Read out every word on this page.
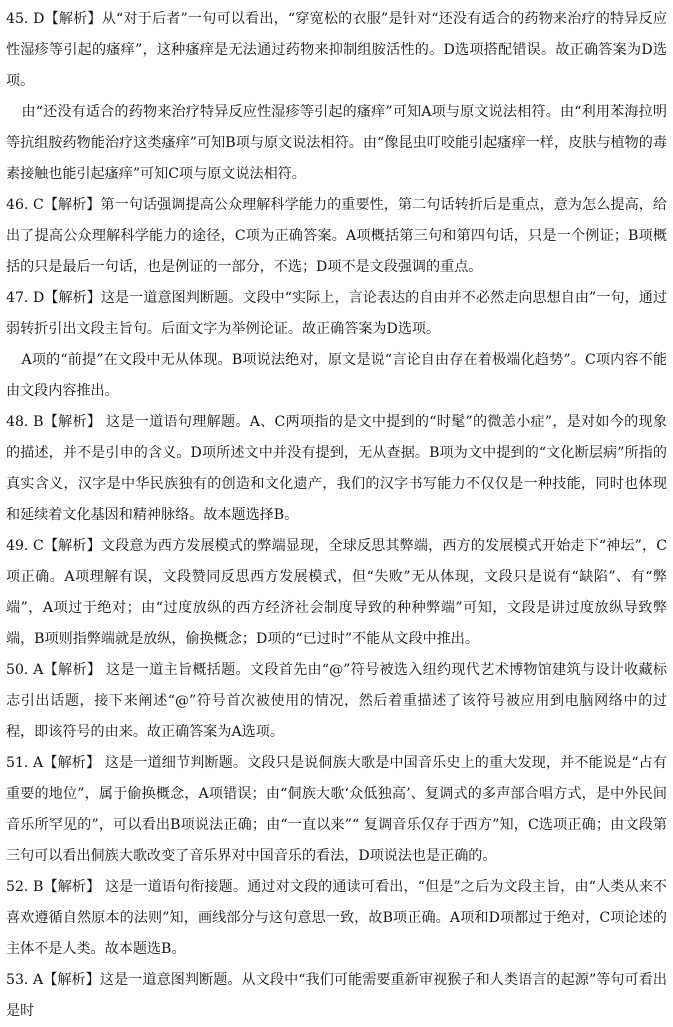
45. D【解析】从“对于后者”一句可以看出，“穿宽松的衣服”是针对“还没有适合的药物来治疗的特异反应性湿疹等引起的瘙痒”，这种瘙痒是无法通过药物来抑制组胺活性的。D选项搭配错误。故正确答案为D选项。

由“还没有适合的药物来治疗特异反应性湿疹等引起的瘙痒”可知A项与原文说法相符。由“利用苯海拉明等抗组胺药物能治疗这类瘙痒”可知B项与原文说法相符。由“像昆虫叮咬能引起瘙痒一样，皮肤与植物的毒素接触也能引起瘙痒”可知C项与原文说法相符。

46. C【解析】第一句话强调提高公众理解科学能力的重要性，第二句话转折后是重点，意为怎么提高，给出了提高公众理解科学能力的途径，C项为正确答案。A项概括第三句和第四句话，只是一个例证；B项概括的只是最后一句话，也是例证的一部分，不选；D项不是文段强调的重点。

47. D【解析】这是一道意图判断题。文段中“实际上，言论表达的自由并不必然走向思想自由”一句，通过弱转折引出文段主旨句。后面文字为举例论证。故正确答案为D选项。

A项的“前提”在文段中无从体现。B项说法绝对，原文是说“言论自由存在着极端化趋势”。C项内容不能由文段内容推出。

48. B【解析】 这是一道语句理解题。A、C两项指的是文中提到的“时髦”的微恙小症”，是对如今的现象的描述，并不是引申的含义。D项所述文中并没有提到，无从查据。B项为文中提到的“文化断层病”所指的真实含义，汉字是中华民族独有的创造和文化遗产，我们的汉字书写能力不仅仅是一种技能，同时也体现和延续着文化基因和精神脉络。故本题选择B。

49. C【解析】文段意为西方发展模式的弊端显现，全球反思其弊端，西方的发展模式开始走下“神坛”，C项正确。A项理解有误，文段赞同反思西方发展模式，但“失败”无从体现，文段只是说有“缺陷”、有“弊端”，A项过于绝对；由“过度放纵的西方经济社会制度导致的种种弊端”可知，文段是讲过度放纵导致弊端，B项则指弊端就是放纵，偷换概念；D项的“已过时”不能从文段中推出。

50. A【解析】 这是一道主旨概括题。文段首先由“@”符号被选入纽约现代艺术博物馆建筑与设计收藏标志引出话题，接下来阐述“@”符号首次被使用的情况，然后着重描述了该符号被应用到电脑网络中的过程，即该符号的由来。故正确答案为A选项。

51. A【解析】 这是一道细节判断题。文段只是说侗族大歌是中国音乐史上的重大发现，并不能说是“占有重要的地位”，属于偷换概念，A项错误；由“侗族大歌‘众低独高’、复调式的多声部合唱方式，是中外民间音乐所罕见的”，可以看出B项说法正确；由“一直以来”“ 复调音乐仅存于西方”知，C选项正确；由文段第三句可以看出侗族大歌改变了音乐界对中国音乐的看法，D项说法也是正确的。

52. B【解析】 这是一道语句衔接题。通过对文段的通读可看出，“但是”之后为文段主旨，由“人类从来不喜欢遵循自然原本的法则”知，画线部分与这句意思一致，故B项正确。A项和D项都过于绝对，C项论述的主体不是人类。故本题选B。

53. A【解析】这是一道意图判断题。从文段中“我们可能需要重新审视猴子和人类语言的起源”等句可看出是时
